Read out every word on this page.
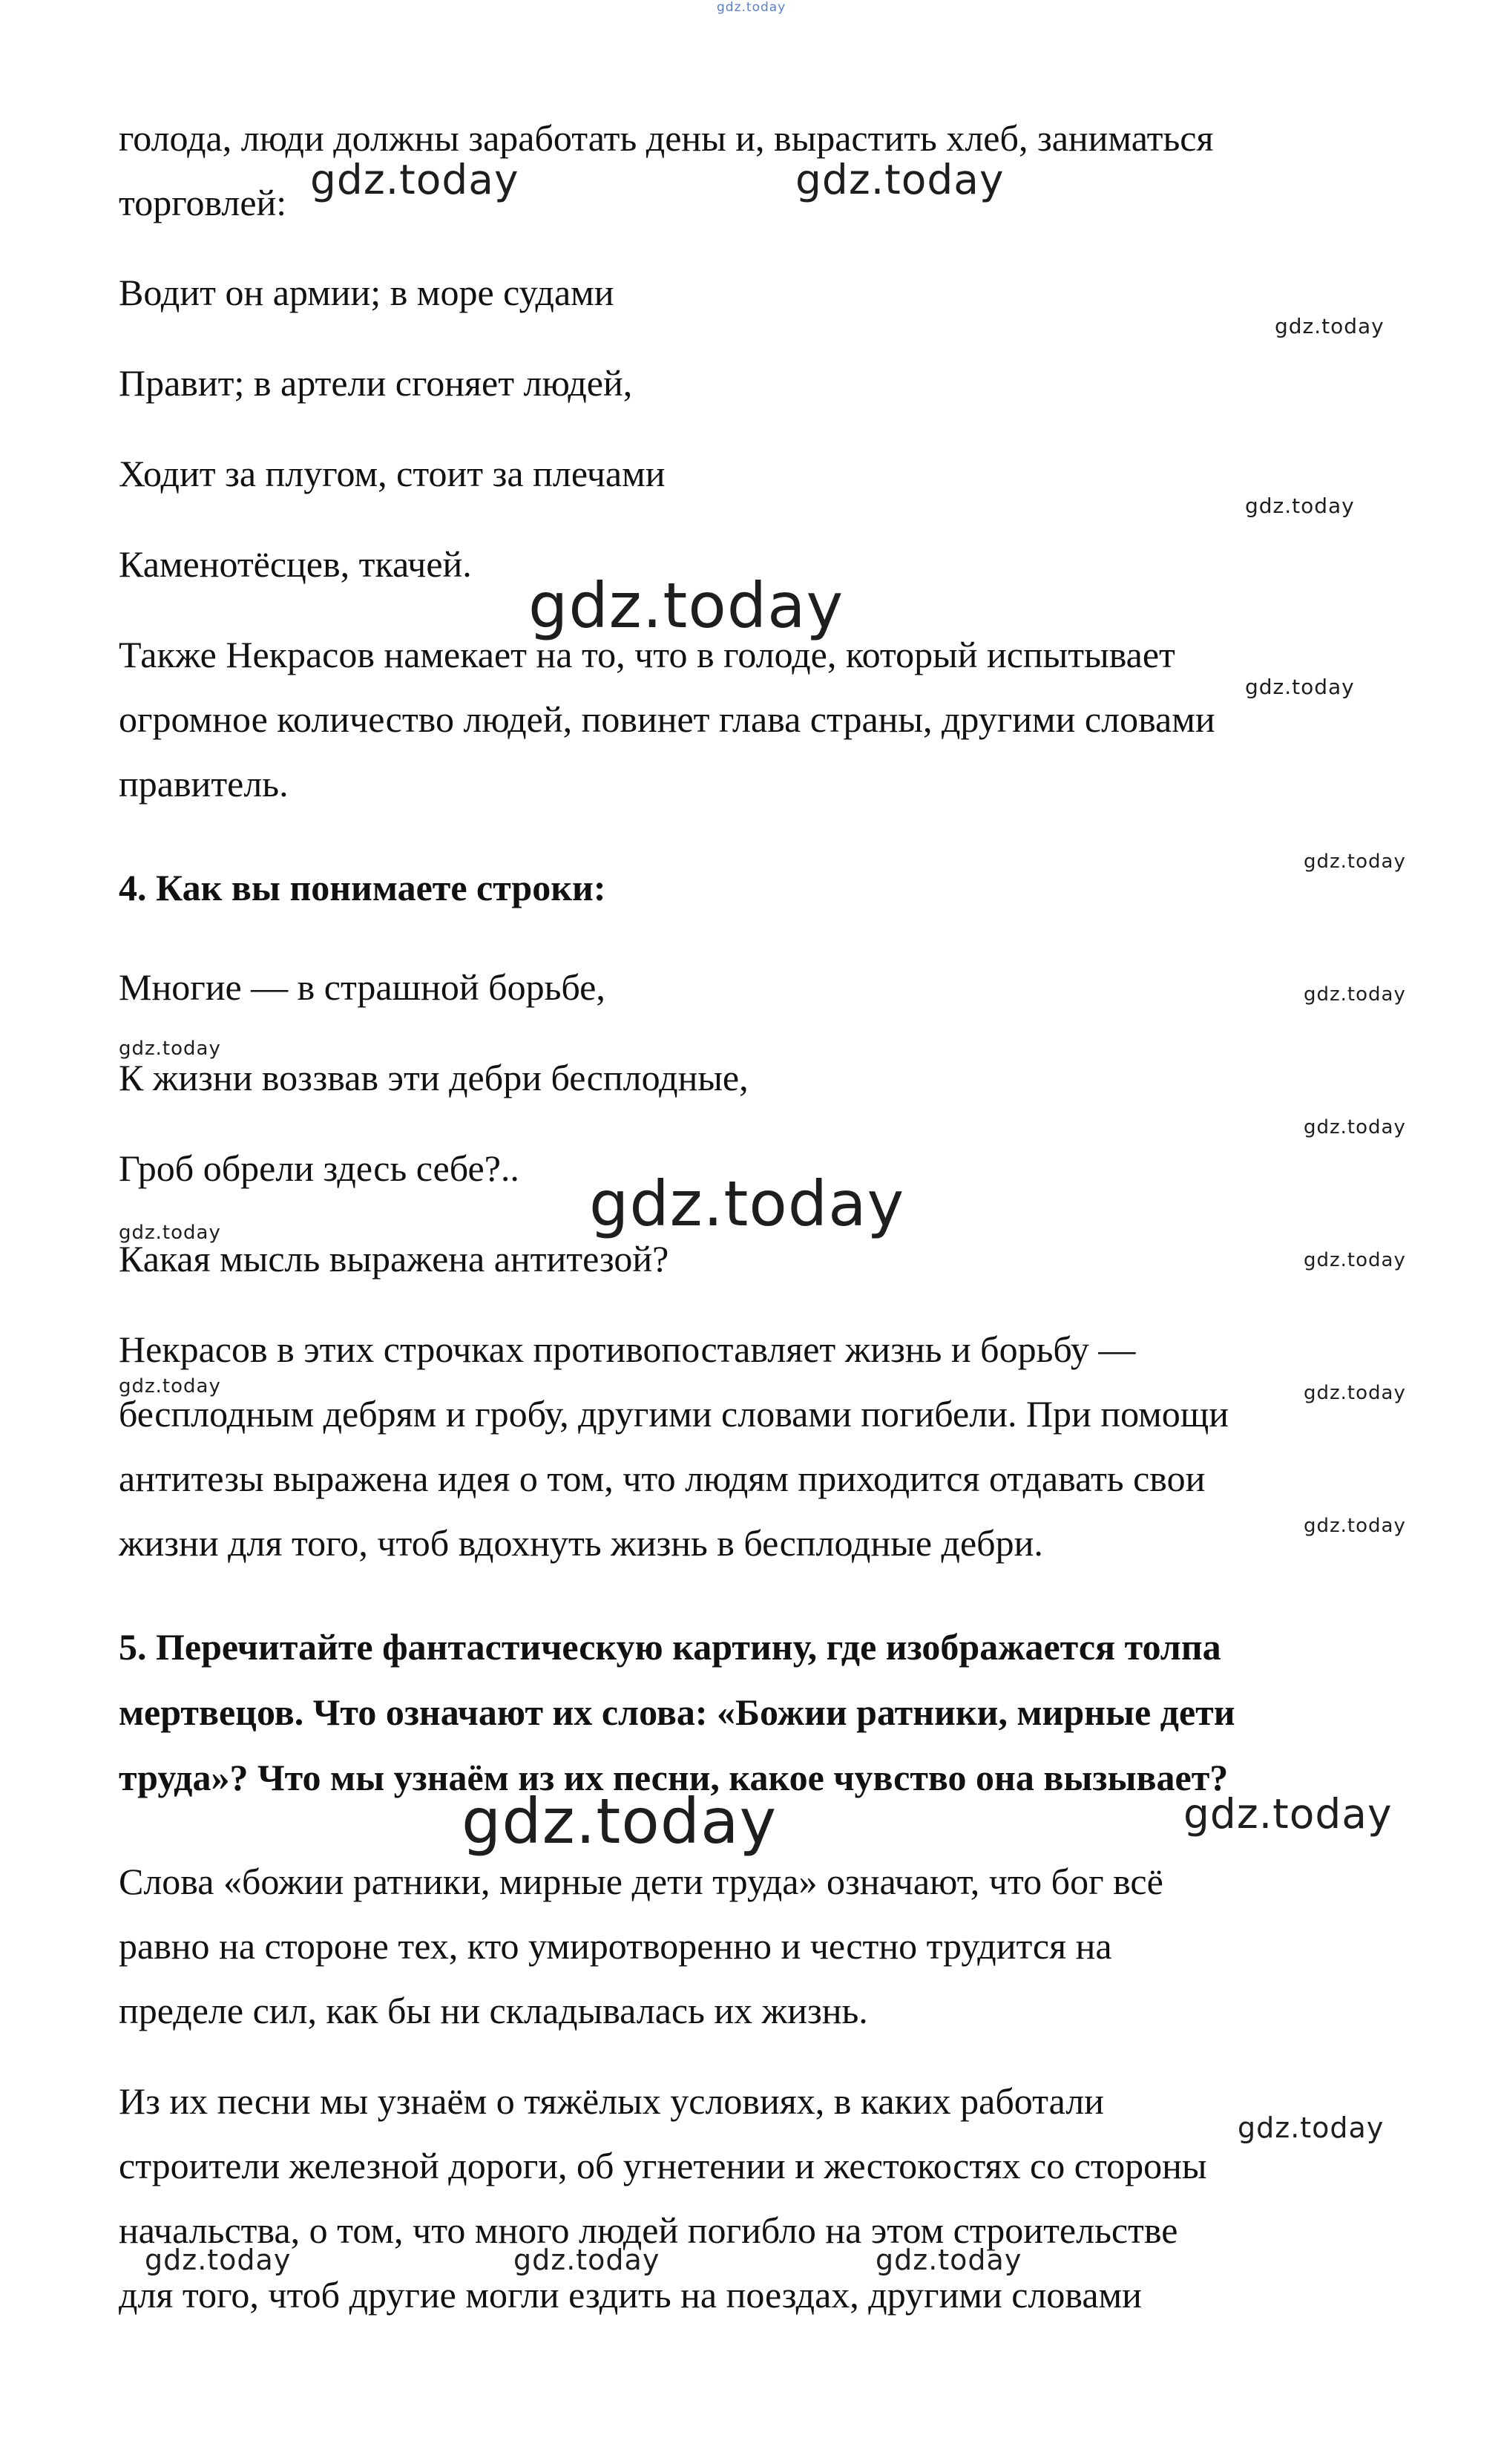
gdz.today

голода, люди должны заработать дены и, вырастить хлеб, заниматься

торговлей:

Водит он армии; в море судами

Правит; в артели сгоняет людей,

Ходит за плугом, стоит за плечами

Каменотёсцев, ткачей.

Также Некрасов намекает на то, что в голоде, который испытывает

огромное количество людей, повинет глава страны, другими словами

правитель.

4. Как вы понимаете строки:

Многие — в страшной борьбе,

К жизни воззвав эти дебри бесплодные,

Гроб обрели здесь себе?..

Какая мысль выражена антитезой?

Некрасов в этих строчках противопоставляет жизнь и борьбу —

бесплодным дебрям и гробу, другими словами погибели. При помощи

антитезы выражена идея о том, что людям приходится отдавать свои

жизни для того, чтоб вдохнуть жизнь в бесплодные дебри.

5. Перечитайте фантастическую картину, где изображается толпа

мертвецов. Что означают их слова: «Божии ратники, мирные дети

труда»? Что мы узнаём из их песни, какое чувство она вызывает?

Слова «божии ратники, мирные дети труда» означают, что бог всё

равно на стороне тех, кто умиротворенно и честно трудится на

пределе сил, как бы ни складывалась их жизнь.

Из их песни мы узнаём о тяжёлых условиях, в каких работали

строители железной дороги, об угнетении и жестокостях со стороны

начальства, о том, что много людей погибло на этом строительстве

для того, чтоб другие могли ездить на поездах, другими словами

gdz.today	gdz.today
gdz.today
gdz.today
gdz.today
gdz.today
gdz.today
gdz.today
gdz.today
gdz.today
gdz.today
gdz.today
gdz.today
gdz.today	gdz.today
gdz.today
gdz.today	gdz.today
gdz.today
gdz.today	gdz.today	gdz.today
